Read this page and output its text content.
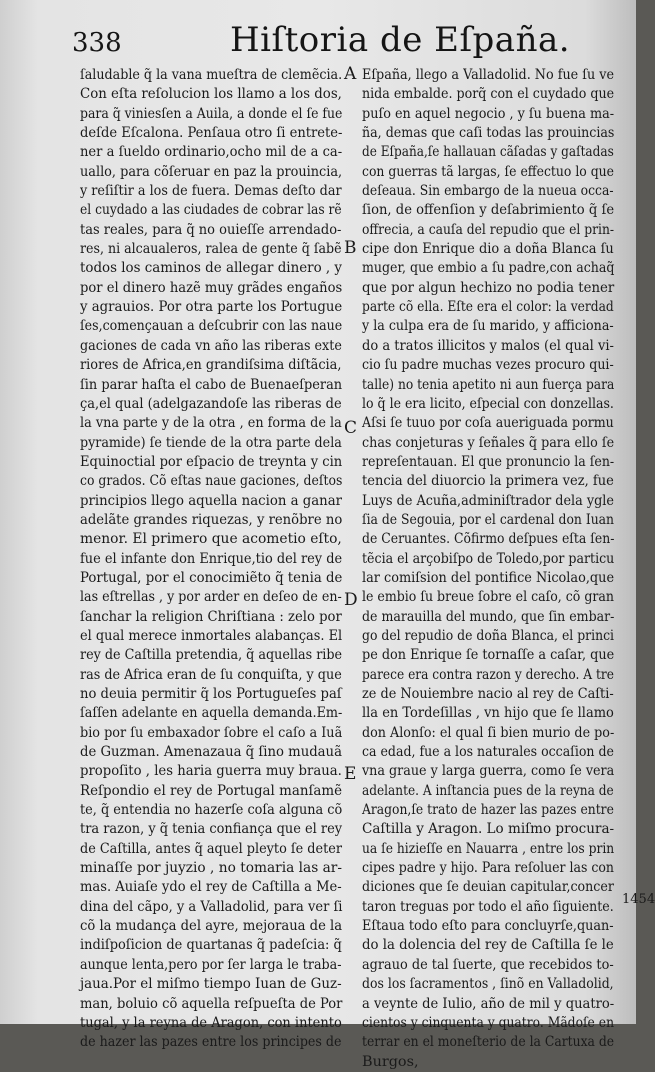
338	Hiſtoria de Eſpaña.
ſaludable q̃ la vana mueſtra de clemẽcia.
Con eſta reſolucion los llamo a los dos,
para q̃ viniesſen a Auila, a donde el ſe fue
deſde Eſcalona. Penſaua otro ſi entrete-
ner a ſueldo ordinario,ocho mil de a ca-
uallo, para cõſeruar en paz la prouincia,
y reſiſtir a los de fuera. Demas deſto dar
el cuydado a las ciudades de cobrar las rẽ
tas reales, para q̃ no ouieſſe arrendado-
res, ni alcaualeros, ralea de gente q̃ ſabẽ
todos los caminos de allegar dinero , y
por el dinero hazẽ muy grãdes engaños
y agrauios. Por otra parte los Portugue
ſes,començauan a deſcubrir con las naue
gaciones de cada vn año las riberas exte
riores de Africa,en grandiſsima diſtãcia,
ſin parar haſta el cabo de Buenaeſperan
ça,el qual (adelgazandoſe las riberas de
la vna parte y de la otra , en forma de la
pyramide) ſe tiende de la otra parte dela
Equinoctial por eſpacio de treynta y cin
co grados. Cõ eſtas naue gaciones, deſtos
principios llego aquella nacion a ganar
adelãte grandes riquezas, y renõbre no
menor. El primero que acometio eſto,
fue el infante don Enrique,tio del rey de
Portugal, por el conocimiẽto q̃ tenia de
las eſtrellas , y por arder en deſeo de en-
ſanchar la religion Chriſtiana : zelo por
el qual merece inmortales alabanças. El
rey de Caſtilla pretendia, q̃ aquellas ribe
ras de Africa eran de ſu conquiſta, y que
no deuia permitir q̃ los Portugueſes paſ
ſaſſen adelante en aquella demanda.Em-
bio por ſu embaxador ſobre el caſo a Iuã
de Guzman. Amenazaua q̃ ſino mudauã
propoſito , les haria guerra muy braua.
Reſpondio el rey de Portugal manſamẽ
te, q̃ entendia no hazerſe coſa alguna cõ
tra razon, y q̃ tenia confiança que el rey
de Caſtilla, antes q̃ aquel pleyto ſe deter
minaſſe por juyzio , no tomaria las ar-
mas. Auiaſe ydo el rey de Caſtilla a Me-
dina del cãpo, y a Valladolid, para ver ſi
cõ la mudança del ayre, mejoraua de la
indiſpoſicion de quartanas q̃ padeſcia: q̃
aunque lenta,pero por ſer larga le traba-
jaua.Por el miſmo tiempo Iuan de Guz-
man, boluio cõ aquella reſpueſta de Por
tugal, y la reyna de Aragon, con intento
de hazer las pazes entre los principes de
Eſpaña, llego a Valladolid. No fue ſu ve
nida embalde. porq̃ con el cuydado que
puſo en aquel negocio , y ſu buena ma-
ña, demas que caſi todas las prouincias
de Eſpaña,ſe hallauan cãſadas y gaſtadas
con guerras tã largas, ſe effectuo lo que
deſeaua. Sin embargo de la nueua occa-
ſion, de offenſion y deſabrimiento q̃ ſe
offrecia, a cauſa del repudio que el prin-
cipe don Enrique dio a doña Blanca ſu
muger, que embio a ſu padre,con achaq̃
que por algun hechizo no podia tener
parte cõ ella. Eſte era el color: la verdad
y la culpa era de ſu marido, y afficiona-
do a tratos illicitos y malos (el qual vi-
cio ſu padre muchas vezes procuro qui-
talle) no tenia apetito ni aun fuerça para
lo q̃ le era licito, eſpecial con donzellas.
Aſsi ſe tuuo por coſa aueriguada pormu
chas conjeturas y ſeñales q̃ para ello ſe
repreſentauan. El que pronuncio la ſen-
tencia del diuorcio la primera vez, fue
Luys de Acuña,adminiſtrador dela ygle
ſia de Segouia, por el cardenal don Iuan
de Ceruantes. Cõfirmo deſpues eſta ſen-
tẽcia el arçobiſpo de Toledo,por particu
lar comiſsion del pontifice Nicolao,que
le embio ſu breue ſobre el caſo, cõ gran
de marauilla del mundo, que ſin embar-
go del repudio de doña Blanca, el princi
pe don Enrique ſe tornaſſe a caſar, que
parece era contra razon y derecho. A tre
ze de Nouiembre nacio al rey de Caſti-
lla en Tordeſillas , vn hijo que ſe llamo
don Alonſo: el qual ſi bien murio de po-
ca edad, fue a los naturales occaſion de
vna graue y larga guerra, como ſe vera
adelante. A inſtancia pues de la reyna de
Aragon,ſe trato de hazer las pazes entre
Caſtilla y Aragon. Lo miſmo procura-
ua ſe hizieſſe en Nauarra , entre los prin
cipes padre y hijo. Para reſoluer las con
diciones que ſe deuian capitular,concer
taron treguas por todo el año ſiguiente.
Eſtaua todo eſto para concluyrſe,quan-
do la dolencia del rey de Caſtilla ſe le
agrauo de tal ſuerte, que recebidos to-
dos los ſacramentos , ſinõ en Valladolid,
a veynte de Iulio, año de mil y quatro-
cientos y cinquenta y quatro. Mãdoſe en
terrar en el moneſterio de la Cartuxa de
Burgos,
A
B
C
D
E
1454
